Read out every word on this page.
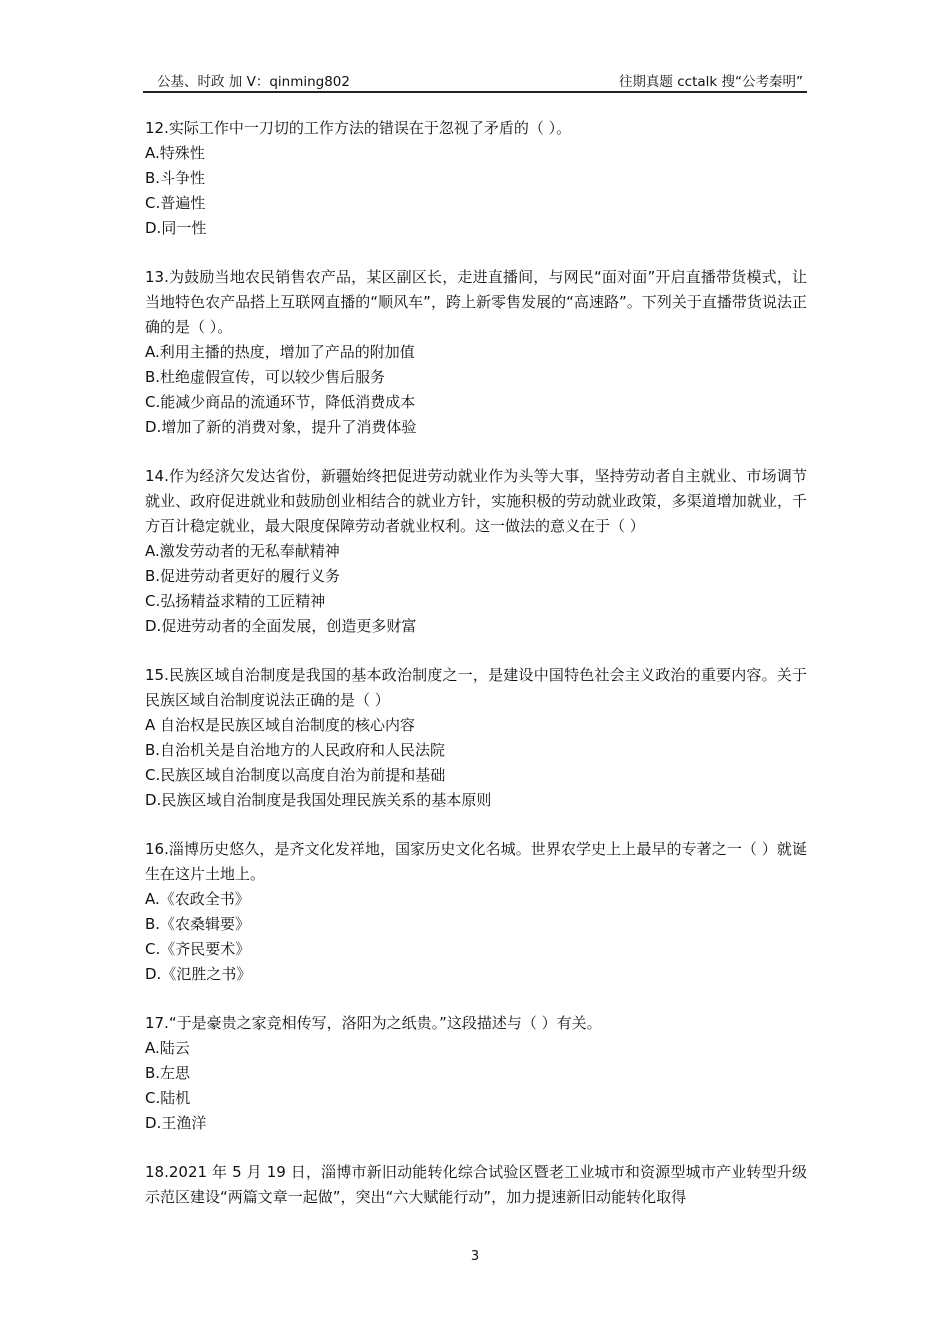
公基、时政 加 V：qinming802	往期真题 cctalk 搜“公考秦明”

12.实际工作中一刀切的工作方法的错误在于忽视了矛盾的（ ）。

A.特殊性

B.斗争性

C.普遍性

D.同一性

13.为鼓励当地农民销售农产品，某区副区长，走进直播间，与网民“面对面”开启直播带货模式，让当地特色农产品搭上互联网直播的“顺风车”，跨上新零售发展的“高速路”。下列关于直播带货说法正确的是（ ）。

A.利用主播的热度，增加了产品的附加值

B.杜绝虚假宣传，可以较少售后服务

C.能减少商品的流通环节，降低消费成本

D.增加了新的消费对象，提升了消费体验

14.作为经济欠发达省份，新疆始终把促进劳动就业作为头等大事，坚持劳动者自主就业、市场调节就业、政府促进就业和鼓励创业相结合的就业方针，实施积极的劳动就业政策，多渠道增加就业，千方百计稳定就业，最大限度保障劳动者就业权利。这一做法的意义在于（ ）

A.激发劳动者的无私奉献精神

B.促进劳动者更好的履行义务

C.弘扬精益求精的工匠精神

D.促进劳动者的全面发展，创造更多财富

15.民族区域自治制度是我国的基本政治制度之一，是建设中国特色社会主义政治的重要内容。关于民族区域自治制度说法正确的是（ ）

A 自治权是民族区域自治制度的核心内容

B.自治机关是自治地方的人民政府和人民法院

C.民族区域自治制度以高度自治为前提和基础

D.民族区域自治制度是我国处理民族关系的基本原则

16.淄博历史悠久，是齐文化发祥地，国家历史文化名城。世界农学史上上最早的专著之一（ ）就诞生在这片土地上。

A.《农政全书》

B.《农桑辑要》

C.《齐民要术》

D.《氾胜之书》

17.“于是豪贵之家竞相传写，洛阳为之纸贵。”这段描述与（ ）有关。

A.陆云

B.左思

C.陆机

D.王渔洋

18.2021 年 5 月 19 日，淄博市新旧动能转化综合试验区暨老工业城市和资源型城市产业转型升级示范区建设“两篇文章一起做”，突出“六大赋能行动”，加力提速新旧动能转化取得

3
